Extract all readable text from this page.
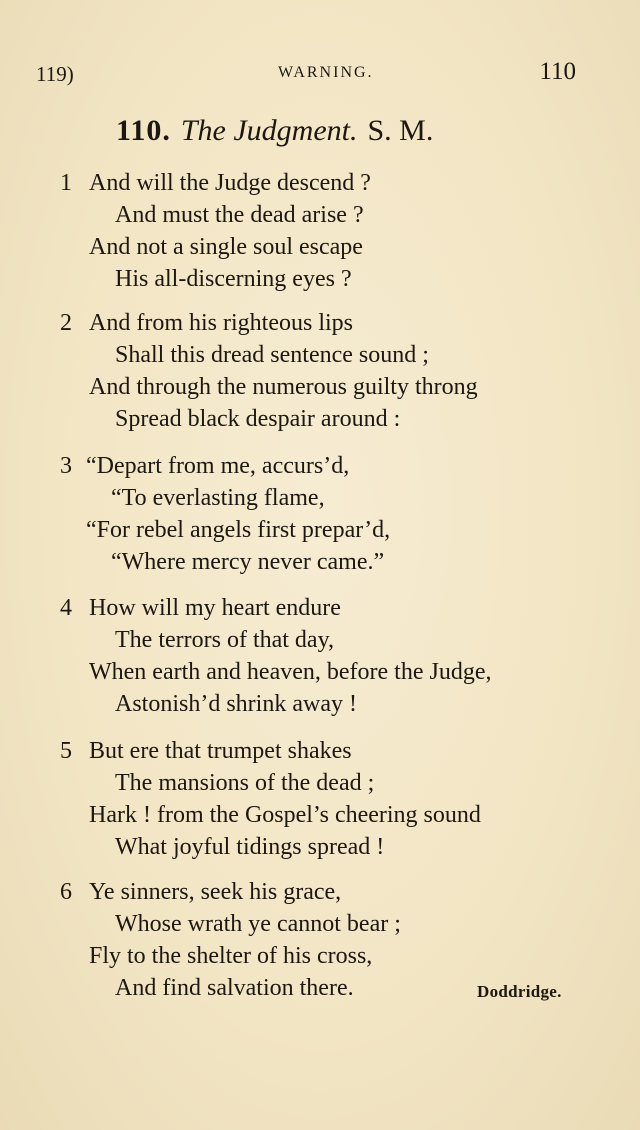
119)	WARNING.	110
110. The Judgment. S. M.
1 And will the Judge descend ?
And must the dead arise ?
And not a single soul escape
His all-discerning eyes ?
2 And from his righteous lips
Shall this dread sentence sound ;
And through the numerous guilty throng
Spread black despair around :
3 “Depart from me, accurs’d,
“To everlasting flame,
“For rebel angels first prepar’d,
“Where mercy never came.”
4 How will my heart endure
The terrors of that day,
When earth and heaven, before the Judge,
Astonish’d shrink away !
5 But ere that trumpet shakes
The mansions of the dead ;
Hark ! from the Gospel’s cheering sound
What joyful tidings spread !
6 Ye sinners, seek his grace,
Whose wrath ye cannot bear ;
Fly to the shelter of his cross,
And find salvation there.	Doddridge.
